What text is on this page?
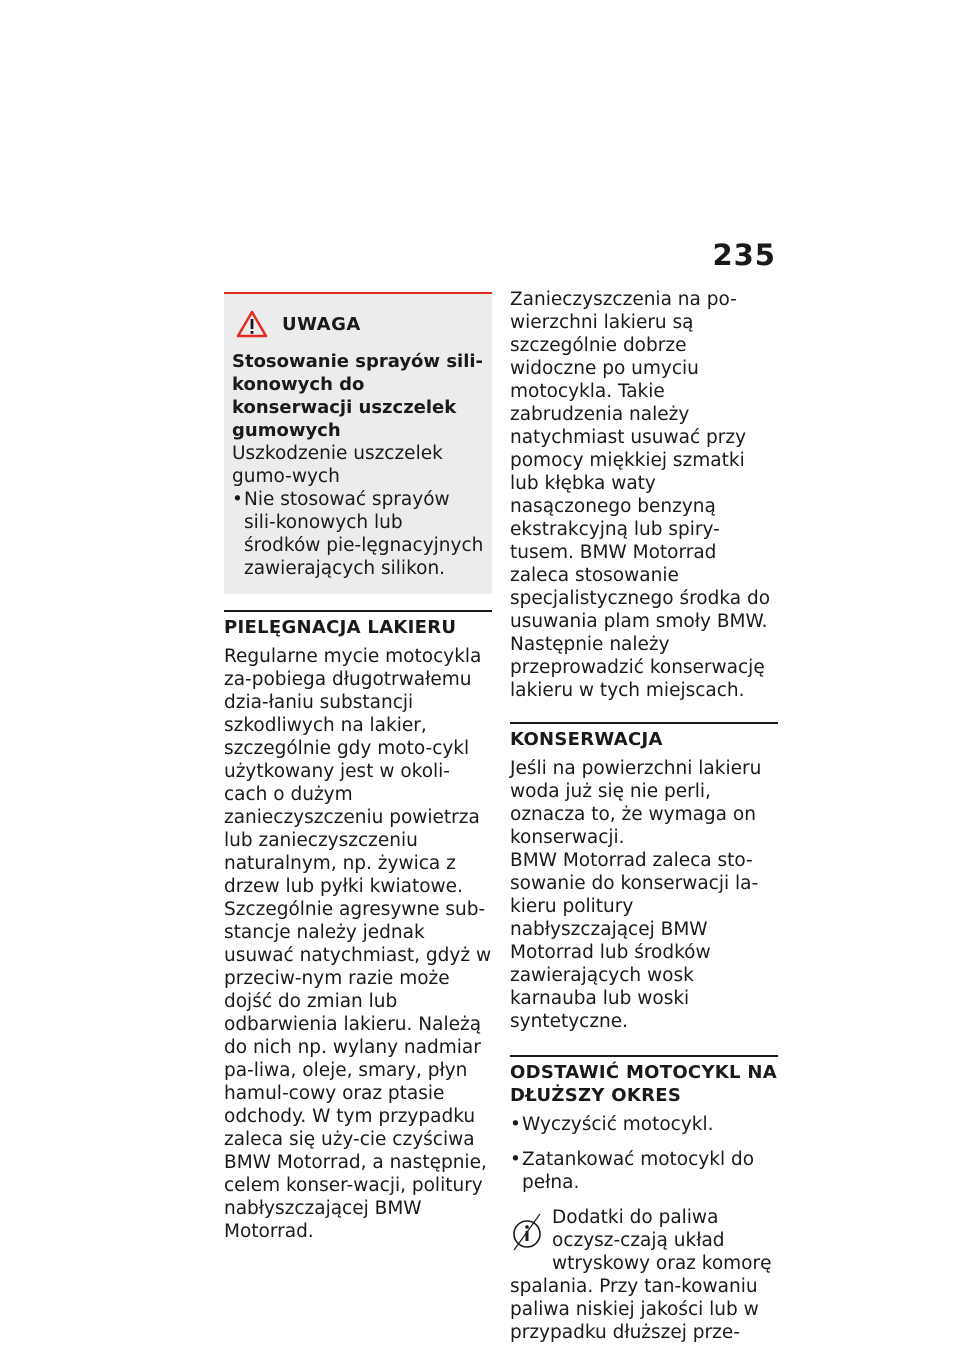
235
UWAGA

Stosowanie sprayów sili-konowych do konserwacji uszczelek gumowych

Uszkodzenie uszczelek gumo-wych

• Nie stosować sprayów sili-konowych lub środków pie-lęgnacyjnych zawierających silikon.
PIELĘGNACJA LAKIERU

Regularne mycie motocykla za-pobiega długotrwałemu dzia-łaniu substancji szkodliwych na lakier, szczególnie gdy moto-cykl użytkowany jest w okoli-cach o dużym zanieczyszczeniu powietrza lub zanieczyszczeniu naturalnym, np. żywica z drzew lub pyłki kwiatowe.

Szczególnie agresywne sub-stancje należy jednak usuwać natychmiast, gdyż w przeciw-nym razie może dojść do zmian lub odbarwienia lakieru. Należą do nich np. wylany nadmiar pa-liwa, oleje, smary, płyn hamul-cowy oraz ptasie odchody. W tym przypadku zaleca się uży-cie czyściwa BMW Motorrad, a następnie, celem konser-wacji, politury nabłyszczającej BMW Motorrad.

Zanieczyszczenia na po-wierzchni lakieru są szczególnie dobrze widoczne po umyciu motocykla. Takie zabrudzenia należy natychmiast usuwać przy pomocy miękkiej szmatki lub kłębka waty nasączonego benzyną ekstrakcyjną lub spiry-tusem. BMW Motorrad zaleca stosowanie specjalistycznego środka do usuwania plam smoły BMW. Następnie należy przeprowadzić konserwację lakieru w tych miejscach.

KONSERWACJA

Jeśli na powierzchni lakieru woda już się nie perli, oznacza to, że wymaga on konserwacji.

BMW Motorrad zaleca sto-sowanie do konserwacji la-kieru politury nabłyszczającej BMW Motorrad lub środków zawierających wosk karnauba lub woski syntetyczne.

ODSTAWIĆ MOTOCYKL NA DŁUŻSZY OKRES
• Wyczyścić motocykl.
• Zatankować motocykl do pełna.

Dodatki do paliwa oczysz-czają układ wtryskowy oraz komorę spalania. Przy tan-kowaniu paliwa niskiej jakości lub w przypadku dłuższej prze-
